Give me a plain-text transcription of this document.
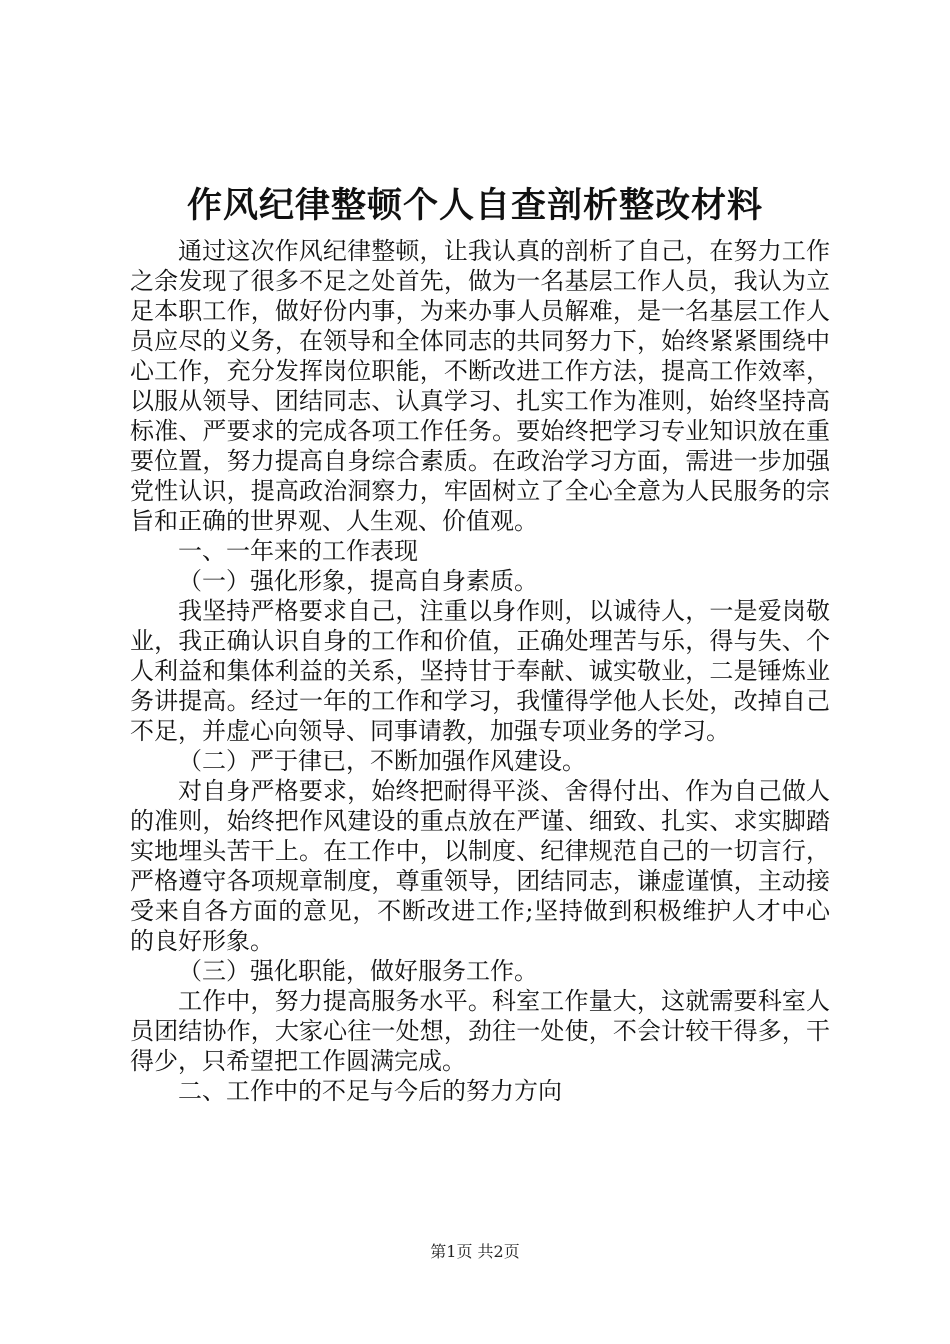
作风纪律整顿个人自查剖析整改材料

通过这次作风纪律整顿，让我认真的剖析了自己，在努力工作之余发现了很多不足之处首先，做为一名基层工作人员，我认为立足本职工作，做好份内事，为来办事人员解难，是一名基层工作人员应尽的义务，在领导和全体同志的共同努力下，始终紧紧围绕中心工作，充分发挥岗位职能，不断改进工作方法，提高工作效率，以服从领导、团结同志、认真学习、扎实工作为准则，始终坚持高标准、严要求的完成各项工作任务。要始终把学习专业知识放在重要位置，努力提高自身综合素质。在政治学习方面，需进一步加强党性认识，提高政治洞察力，牢固树立了全心全意为人民服务的宗旨和正确的世界观、人生观、价值观。

一、一年来的工作表现

（一）强化形象，提高自身素质。

我坚持严格要求自己，注重以身作则，以诚待人，一是爱岗敬业，我正确认识自身的工作和价值，正确处理苦与乐，得与失、个人利益和集体利益的关系，坚持甘于奉献、诚实敬业，二是锤炼业务讲提高。经过一年的工作和学习，我懂得学他人长处，改掉自己不足，并虚心向领导、同事请教，加强专项业务的学习。

（二）严于律已，不断加强作风建设。

对自身严格要求，始终把耐得平淡、舍得付出、作为自己做人的准则，始终把作风建设的重点放在严谨、细致、扎实、求实脚踏实地埋头苦干上。在工作中，以制度、纪律规范自己的一切言行，严格遵守各项规章制度，尊重领导，团结同志，谦虚谨慎，主动接受来自各方面的意见，不断改进工作;坚持做到积极维护人才中心的良好形象。

（三）强化职能，做好服务工作。

工作中，努力提高服务水平。科室工作量大，这就需要科室人员团结协作，大家心往一处想，劲往一处使，不会计较干得多，干得少，只希望把工作圆满完成。

二、工作中的不足与今后的努力方向

第1页 共2页
